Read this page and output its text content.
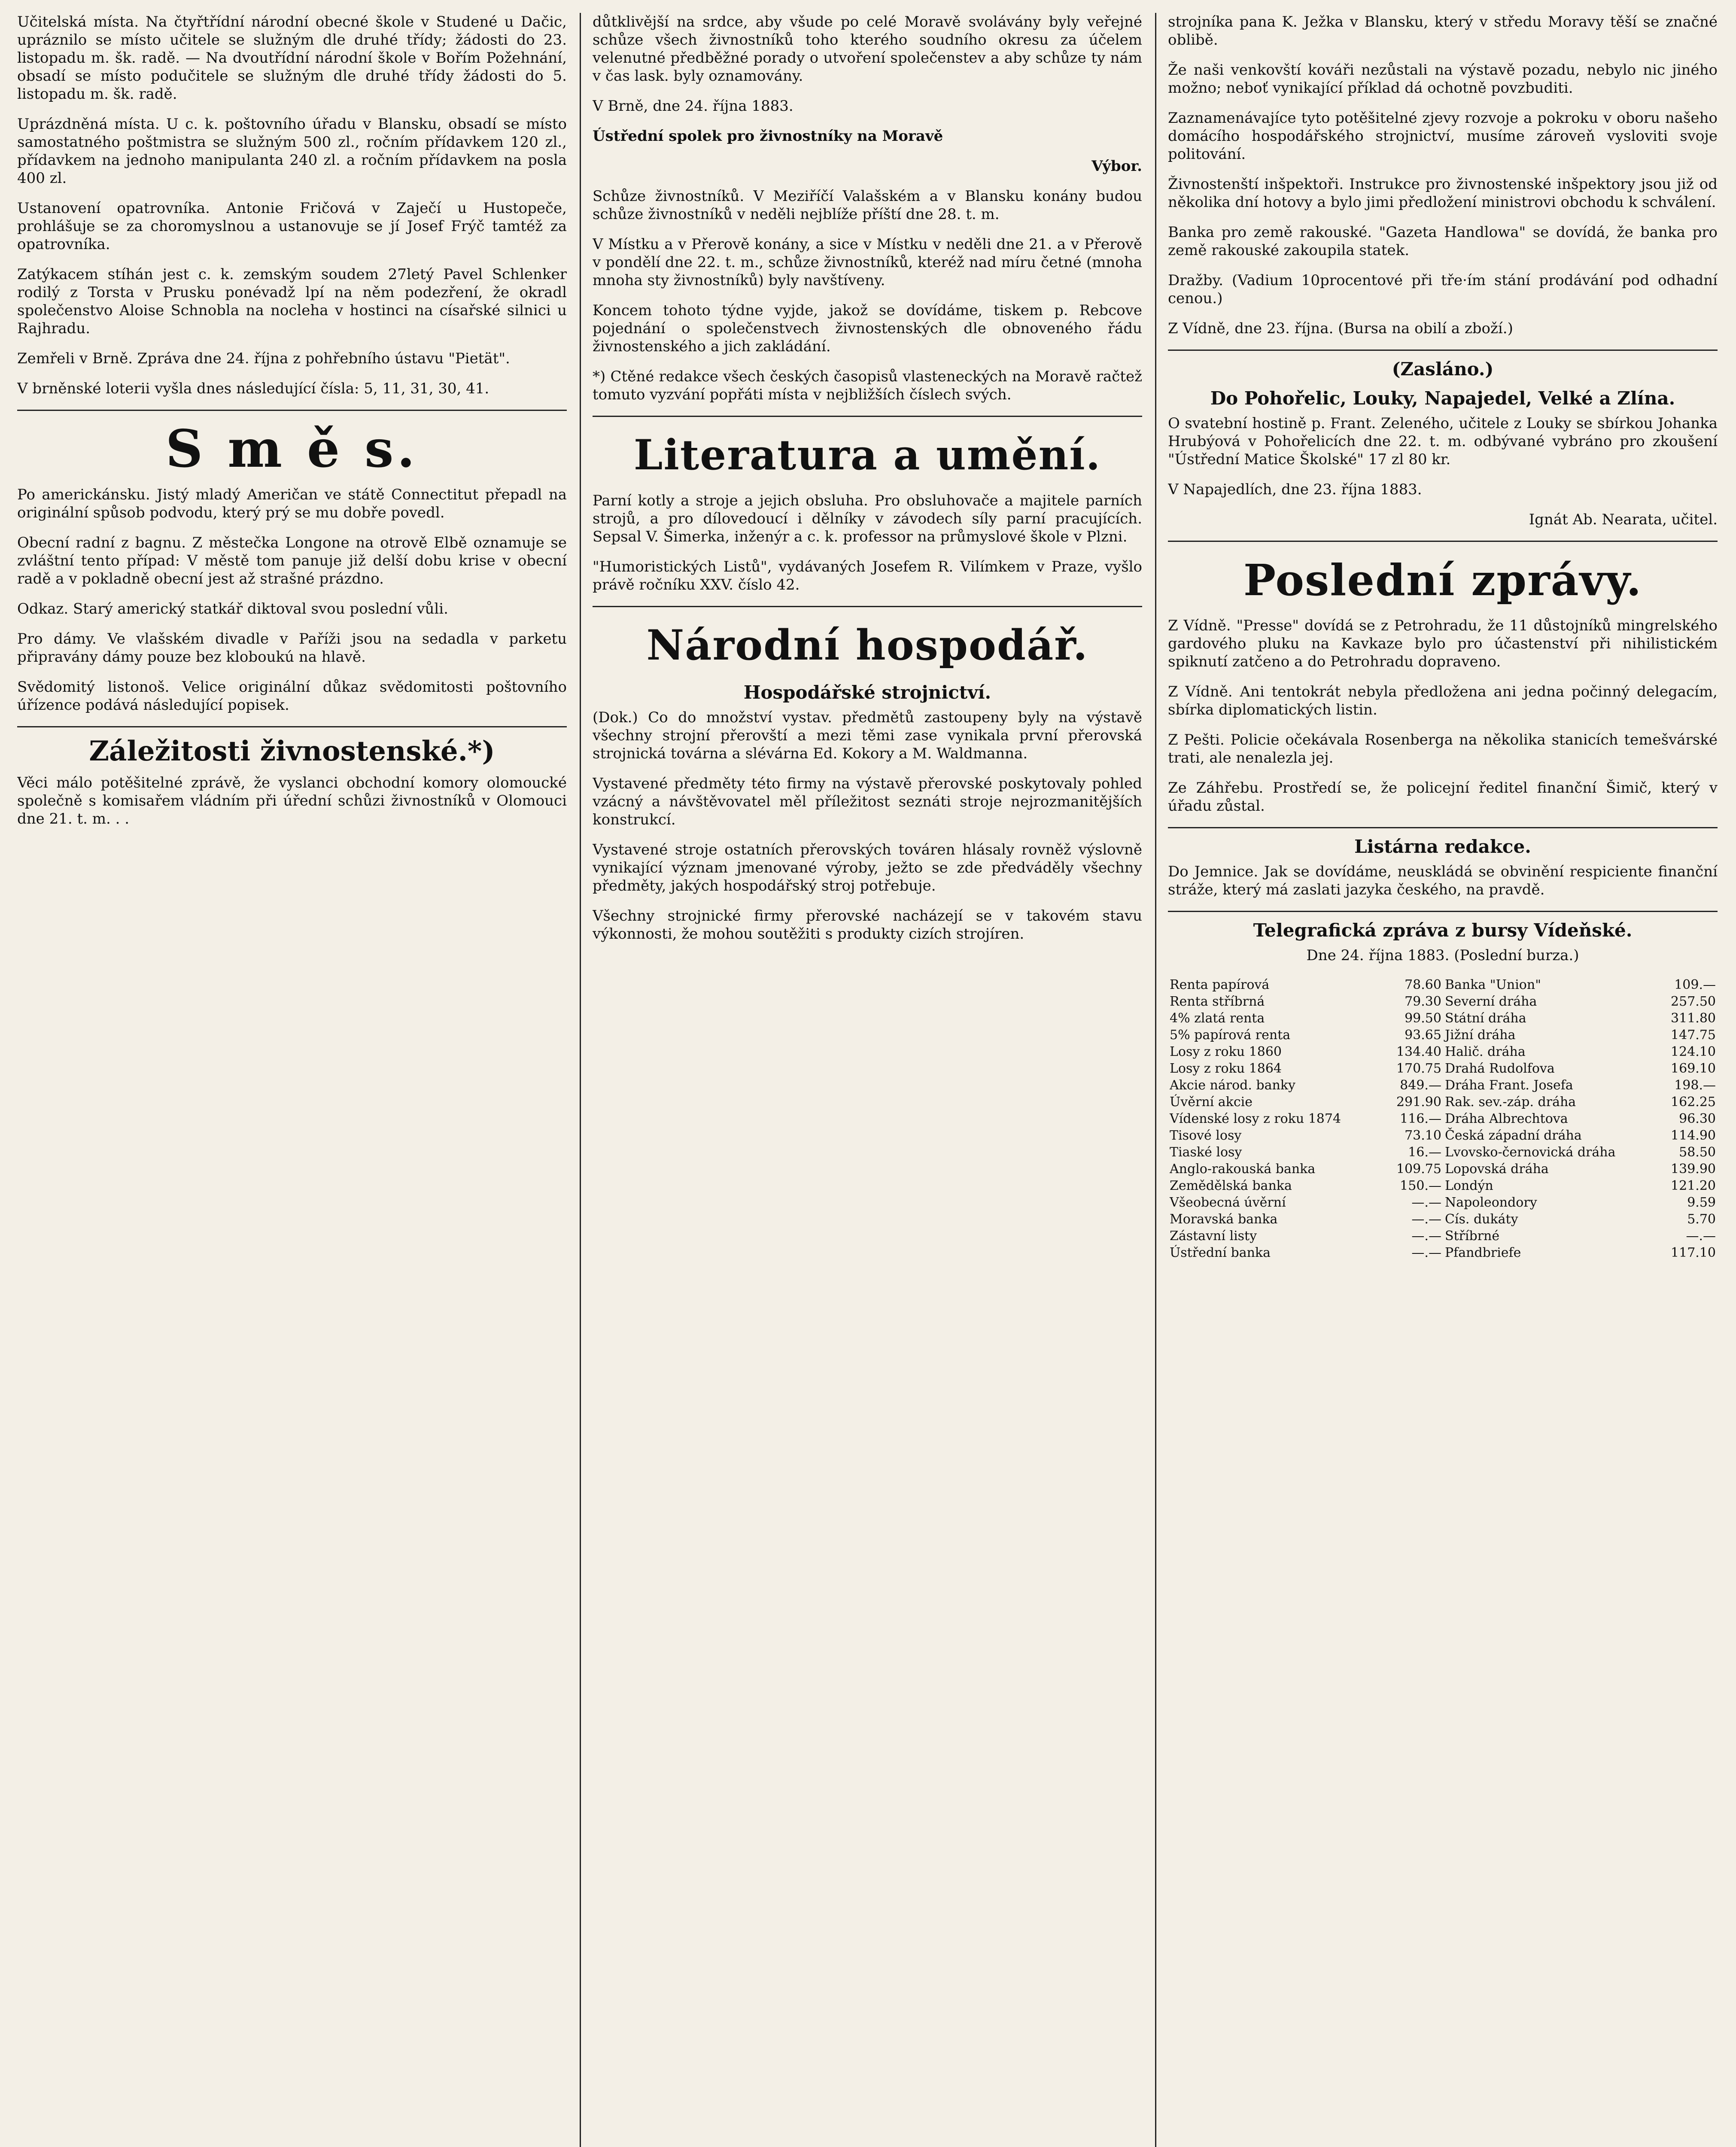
Učitelská místa. Na čtyřtřídní národní obecné škole v Studené u Dačic, upráznilo se místo učitele se služným dle druhé třídy; žádosti do 23. listopadu m. šk. radě. — Na dvoutřídní národní škole v Bořím Požehnání, obsadí se místo podučitele se služným dle druhé třídy žádosti do 5. listopadu m. šk. radě.

Uprázdněná místa. U c. k. poštovního úřadu v Blansku, obsadí se místo samostatného poštmistra se služným 500 zl., ročním přídavkem 120 zl., přídavkem na jednoho manipulanta 240 zl. a ročním přídavkem na posla 400 zl.

Ustanovení opatrovníka. Antonie Fričová v Zaječí u Hustopeče, prohlášuje se za choromyslnou a ustanovuje se jí Josef Frýč tamtéž za opatrovníka.

Zatýkacem stíhán jest c. k. zemským soudem 27letý Pavel Schlenker rodilý z Torsta v Prusku ponévadž lpí na něm podezření, že okradl společenstvo Aloise Schnobla na nocleha v hostinci na císařské silnici u Rajhradu.

Zemřeli v Brně. Zpráva dne 24. října z pohřebního ústavu "Pietät".

V brněnské loterii vyšla dnes následující čísla: 5, 11, 31, 30, 41.

S m ě s.

Po americkánsku. Jistý mladý Američan ve státě Connectitut přepadl na originální spůsob podvodu, který prý se mu dobře povedl.

Obecní radní z bagnu. Z městečka Longone na otrově Elbě oznamuje se zvláštní tento případ: V městě tom panuje již delší dobu krise v obecní radě a v pokladně obecní jest až strašné prázdno.

Odkaz. Starý americký statkář diktoval svou poslední vůli.

Pro dámy. Ve vlašském divadle v Paříži jsou na sedadla v parketu připravány dámy pouze bez kloboukú na hlavě.

Svědomitý listonoš. Velice originální důkaz svědomitosti poštovního úřízence podává následující popisek.

Záležitosti živnostenské.*)

Věci málo potěšitelné zprávě, že vyslanci obchodní komory olomoucké společně s komisařem vládním při úřední schůzi živnostníků v Olomouci dne 21. t. m. . .

důtklivější na srdce, aby všude po celé Moravě svolávány byly veřejné schůze všech živnostníků toho kterého soudního okresu za účelem velenutné předběžné porady o utvoření společenstev a aby schůze ty nám v čas lask. byly oznamovány.

V Brně, dne 24. října 1883.

Ústřední spolek pro živnostníky na Moravě

Výbor.

Schůze živnostníků. V Meziříčí Valašském a v Blansku konány budou schůze živnostníků v neděli nejblíže příští dne 28. t. m.

V Místku a v Přerově konány, a sice v Místku v neděli dne 21. a v Přerově v pondělí dne 22. t. m., schůze živnostníků, kteréž nad míru četné (mnoha mnoha sty živnostníků) byly navštíveny.

Koncem tohoto týdne vyjde, jakož se dovídáme, tiskem p. Rebcove pojednání o společenstvech živnostenských dle obnoveného řádu živnostenského a jich zakládání.

*) Ctěné redakce všech českých časopisů vlasteneckých na Moravě račtež tomuto vyzvání popřáti místa v nejbližších číslech svých.

Literatura a umění.

Parní kotly a stroje a jejich obsluha. Pro obsluhovače a majitele parních strojů, a pro dílovedoucí i dělníky v závodech síly parní pracujících. Sepsal V. Šimerka, inženýr a c. k. professor na průmyslové škole v Plzni.

"Humoristických Listů", vydávaných Josefem R. Vilímkem v Praze, vyšlo právě ročníku XXV. číslo 42.

Národní hospodář.
Hospodářské strojnictví.

(Dok.) Co do množství vystav. předmětů zastoupeny byly na výstavě všechny strojní přerovští a mezi těmi zase vynikala první přerovská strojnická továrna a slévárna Ed. Kokory a M. Waldmanna.

Vystavené předměty této firmy na výstavě přerovské poskytovaly pohled vzácný a návštěvovatel měl příležitost seznáti stroje nejrozmanitějších konstrukcí.

Vystavené stroje ostatních přerovských továren hlásaly rovněž výslovně vynikající význam jmenované výroby, ježto se zde předváděly všechny předměty, jakých hospodářský stroj potřebuje.

Všechny strojnické firmy přerovské nacházejí se v takovém stavu výkonnosti, že mohou soutěžiti s produkty cizích strojíren.

strojníka pana K. Ježka v Blansku, který v středu Moravy těší se značné oblibě.

Že naši venkovští kováři nezůstali na výstavě pozadu, nebylo nic jiného možno; neboť vynikající příklad dá ochotně povzbuditi.

Zaznamenávajíce tyto potěšitelné zjevy rozvoje a pokroku v oboru našeho domácího hospodářského strojnictví, musíme zároveň vysloviti svoje politování.

Živnostenští inšpektoři. Instrukce pro živnostenské inšpektory jsou již od několika dní hotovy a bylo jimi předložení ministrovi obchodu k schválení.

Banka pro země rakouské. "Gazeta Handlowa" se dovídá, že banka pro země rakouské zakoupila statek.

Dražby. (Vadium 10procentové při tře·ím stání prodávání pod odhadní cenou.)

Z Vídně, dne 23. října. (Bursa na obilí a zboží.)

(Zasláno.)
Do Pohořelic, Louky, Napajedel, Velké a Zlína.

O svatební hostině p. Frant. Zeleného, učitele z Louky se sbírkou Johanka Hrubýová v Pohořelicích dne 22. t. m. odbývané vybráno pro zkoušení "Ústřední Matice Školské" 17 zl 80 kr.

V Napajedlích, dne 23. října 1883.

Ignát Ab. Nearata, učitel.

Poslední zprávy.

Z Vídně. "Presse" dovídá se z Petrohradu, že 11 důstojníků mingrelského gardového pluku na Kavkaze bylo pro účastenství při nihilistickém spiknutí zatčeno a do Petrohradu dopraveno.

Z Vídně. Ani tentokrát nebyla předložena ani jedna počinný delegacím, sbírka diplomatických listin.

Z Pešti. Policie očekávala Rosenberga na několika stanicích temešvárské trati, ale nenalezla jej.

Ze Záhřebu. Prostředí se, že policejní ředitel finanční Šimič, který v úřadu zůstal.

Listárna redakce.

Do Jemnice. Jak se dovídáme, neuskládá se obvinění respiciente finanční stráže, který má zaslati jazyka českého, na pravdě.

Telegrafická zpráva z bursy Vídeňské.

Dne 24. října 1883. (Poslední burza.)

Renta papírová	78.60	Banka "Union"	109.—
Renta stříbrná	79.30	Severní dráha	257.50
4% zlatá renta	99.50	Státní dráha	311.80
5% papírová renta	93.65	Jižní dráha	147.75
Losy z roku 1860	134.40	Halič. dráha	124.10
Losy z roku 1864	170.75	Drahá Rudolfova	169.10
Akcie národ. banky	849.—	Dráha Frant. Josefa	198.—
Úvěrní akcie	291.90	Rak. sev.-záp. dráha	162.25
Vídenské losy z roku 1874	116.—	Dráha Albrechtova	96.30
Tisové losy	73.10	Česká západní dráha	114.90
Tiaské losy	16.—	Lvovsko-černovická dráha	58.50
Anglo-rakouská banka	109.75	Lopovská dráha	139.90
Zemědělská banka	150.—	Londýn	121.20
Všeobecná úvěrní	—.—	Napoleondory	9.59
Moravská banka	—.—	Cís. dukáty	5.70
Zástavní listy	—.—	Stříbrné	—.—
Ústřední banka	—.—	Pfandbriefe	117.10
